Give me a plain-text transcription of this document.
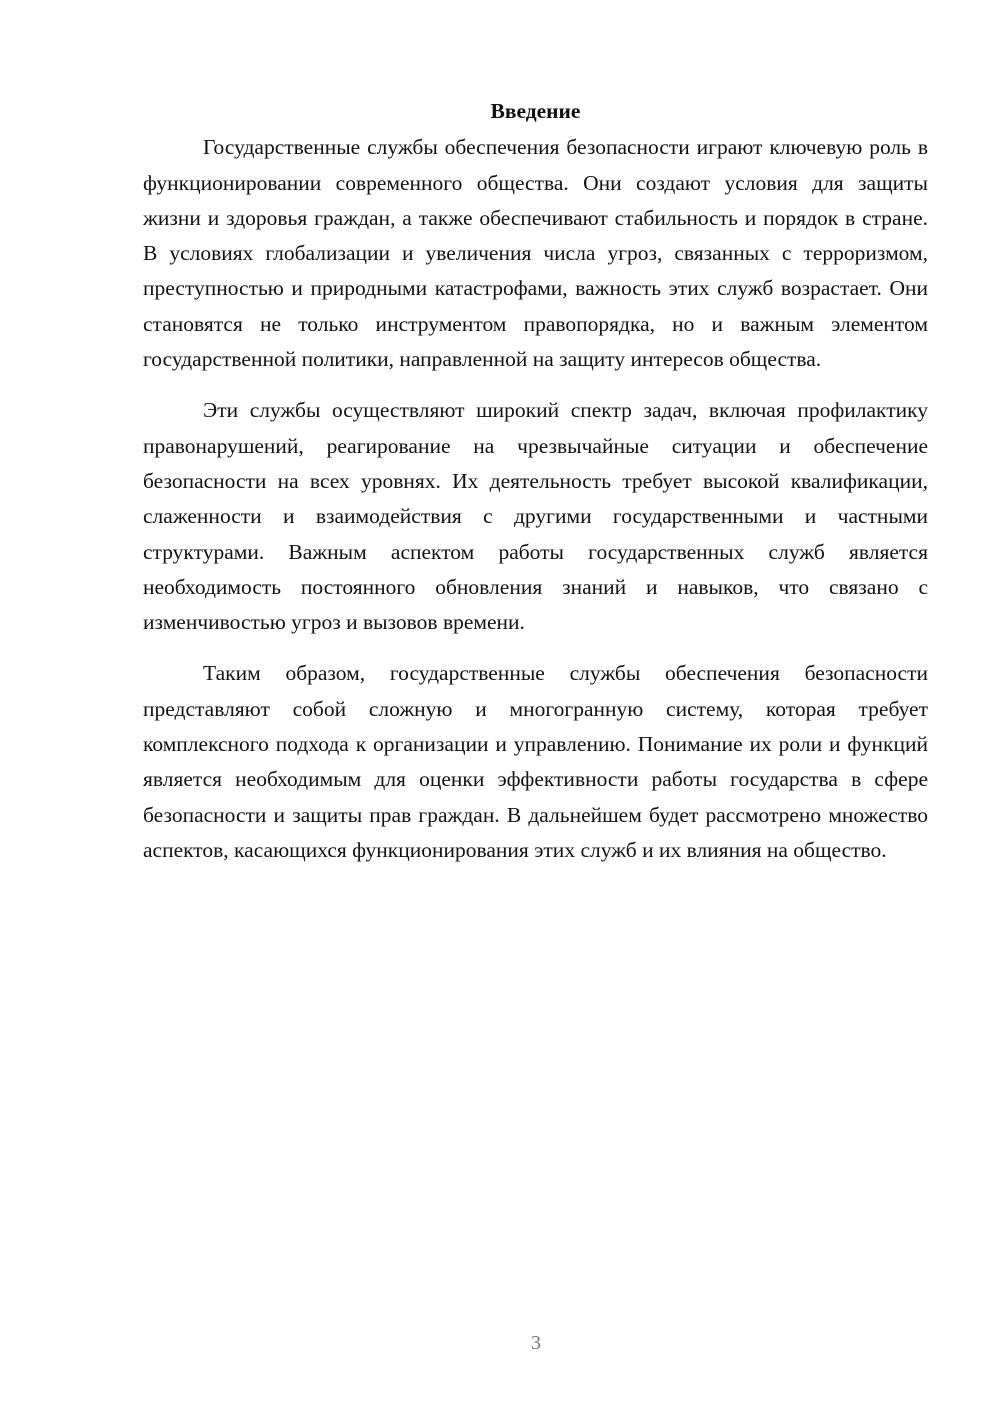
Введение

Государственные службы обеспечения безопасности играют ключевую роль в функционировании современного общества. Они создают условия для защиты жизни и здоровья граждан, а также обеспечивают стабильность и порядок в стране. В условиях глобализации и увеличения числа угроз, связанных с терроризмом, преступностью и природными катастрофами, важность этих служб возрастает. Они становятся не только инструментом правопорядка, но и важным элементом государственной политики, направленной на защиту интересов общества.

Эти службы осуществляют широкий спектр задач, включая профилактику правонарушений, реагирование на чрезвычайные ситуации и обеспечение безопасности на всех уровнях. Их деятельность требует высокой квалификации, слаженности и взаимодействия с другими государственными и частными структурами. Важным аспектом работы государственных служб является необходимость постоянного обновления знаний и навыков, что связано с изменчивостью угроз и вызовов времени.

Таким образом, государственные службы обеспечения безопасности представляют собой сложную и многогранную систему, которая требует комплексного подхода к организации и управлению. Понимание их роли и функций является необходимым для оценки эффективности работы государства в сфере безопасности и защиты прав граждан. В дальнейшем будет рассмотрено множество аспектов, касающихся функционирования этих служб и их влияния на общество.

3
